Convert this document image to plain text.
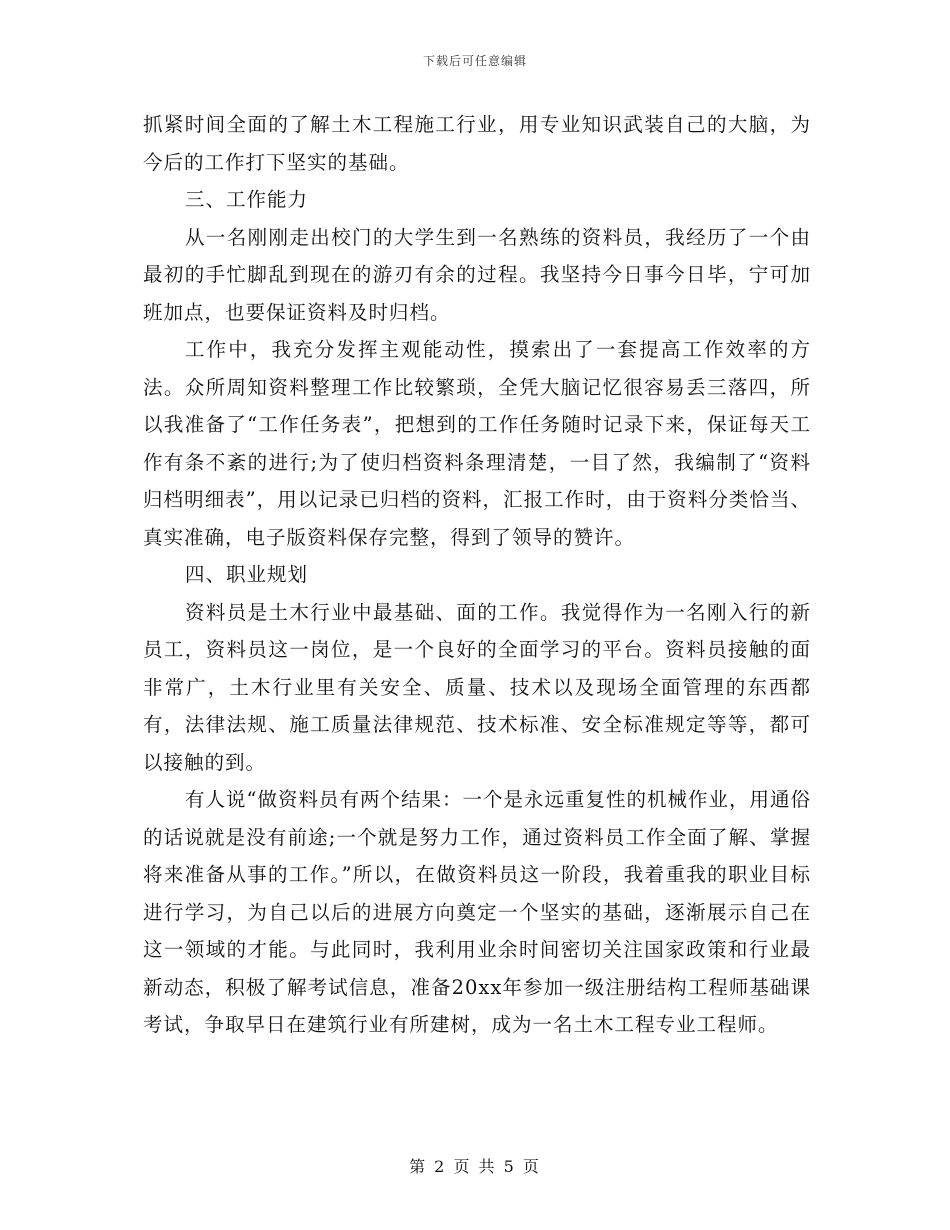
下载后可任意编辑

抓紧时间全面的了解土木工程施工行业，用专业知识武装自己的大脑，为今后的工作打下坚实的基础。

三、工作能力

从一名刚刚走出校门的大学生到一名熟练的资料员，我经历了一个由最初的手忙脚乱到现在的游刃有余的过程。我坚持今日事今日毕，宁可加班加点，也要保证资料及时归档。

工作中，我充分发挥主观能动性，摸索出了一套提高工作效率的方法。众所周知资料整理工作比较繁琐，全凭大脑记忆很容易丢三落四，所以我准备了“工作任务表”，把想到的工作任务随时记录下来，保证每天工作有条不紊的进行;为了使归档资料条理清楚，一目了然，我编制了“资料归档明细表”，用以记录已归档的资料，汇报工作时，由于资料分类恰当、真实准确，电子版资料保存完整，得到了领导的赞许。

四、职业规划

资料员是土木行业中最基础、面的工作。我觉得作为一名刚入行的新员工，资料员这一岗位，是一个良好的全面学习的平台。资料员接触的面非常广，土木行业里有关安全、质量、技术以及现场全面管理的东西都有，法律法规、施工质量法律规范、技术标准、安全标准规定等等，都可以接触的到。

有人说“做资料员有两个结果：一个是永远重复性的机械作业，用通俗的话说就是没有前途;一个就是努力工作，通过资料员工作全面了解、掌握将来准备从事的工作。”所以，在做资料员这一阶段，我着重我的职业目标进行学习，为自己以后的进展方向奠定一个坚实的基础，逐渐展示自己在这一领域的才能。与此同时，我利用业余时间密切关注国家政策和行业最新动态，积极了解考试信息，准备20xx年参加一级注册结构工程师基础课考试，争取早日在建筑行业有所建树，成为一名土木工程专业工程师。

第 2 页 共 5 页
